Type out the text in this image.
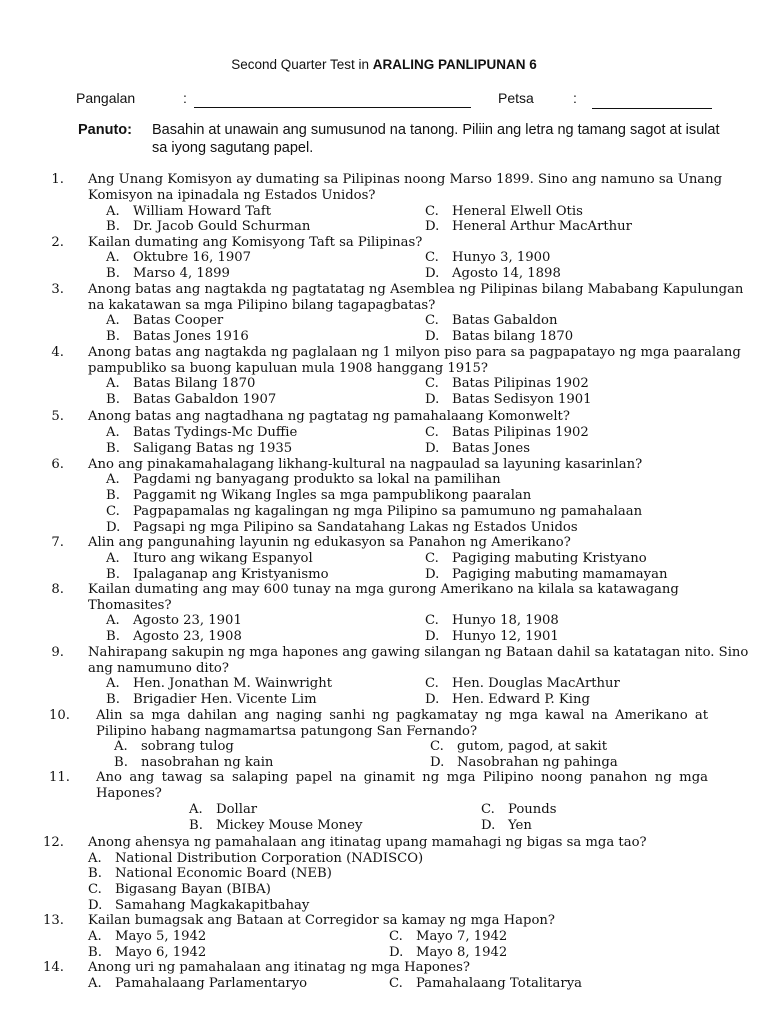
Second Quarter Test in ARALING PANLIPUNAN 6
Pangalan	:	Petsa	:
Panuto: Basahin at unawain ang sumusunod na tanong. Piliin ang letra ng tamang sagot at isulat sa iyong sagutang papel.
1. Ang Unang Komisyon ay dumating sa Pilipinas noong Marso 1899. Sino ang namuno sa Unang Komisyon na ipinadala ng Estados Unidos?
A. William Howard Taft
B. Dr. Jacob Gould Schurman
C. Heneral Elwell Otis
D. Heneral Arthur MacArthur
2. Kailan dumating ang Komisyong Taft sa Pilipinas?
A. Oktubre 16, 1907
B. Marso 4, 1899
C. Hunyo 3, 1900
D. Agosto 14, 1898
3. Anong batas ang nagtakda ng pagtatatag ng Asemblea ng Pilipinas bilang Mababang Kapulungan na kakatawan sa mga Pilipino bilang tagapagbatas?
A. Batas Cooper
B. Batas Jones 1916
C. Batas Gabaldon
D. Batas bilang 1870
4. Anong batas ang nagtakda ng paglalaan ng 1 milyon piso para sa pagpapatayo ng mga paaralang pampubliko sa buong kapuluan mula 1908 hanggang 1915?
A. Batas Bilang 1870
B. Batas Gabaldon 1907
C. Batas Pilipinas 1902
D. Batas Sedisyon 1901
5. Anong batas ang nagtadhana ng pagtatag ng pamahalaang Komonwelt?
A. Batas Tydings-Mc Duffie
B. Saligang Batas ng 1935
C. Batas Pilipinas 1902
D. Batas Jones
6. Ano ang pinakamahalagang likhang-kultural na nagpaulad sa layuning kasarinlan?
A. Pagdami ng banyagang produkto sa lokal na pamilihan
B. Paggamit ng Wikang Ingles sa mga pampublikong paaralan
C. Pagpapamalas ng kagalingan ng mga Pilipino sa pamumuno ng pamahalaan
D. Pagsapi ng mga Pilipino sa Sandatahang Lakas ng Estados Unidos
7. Alin ang pangunahing layunin ng edukasyon sa Panahon ng Amerikano?
A. Ituro ang wikang Espanyol
B. Ipalaganap ang Kristyanismo
C. Pagiging mabuting Kristyano
D. Pagiging mabuting mamamayan
8. Kailan dumating ang may 600 tunay na mga gurong Amerikano na kilala sa katawagang Thomasites?
A. Agosto 23, 1901
B. Agosto 23, 1908
C. Hunyo 18, 1908
D. Hunyo 12, 1901
9. Nahirapang sakupin ng mga hapones ang gawing silangan ng Bataan dahil sa katatagan nito. Sino ang namumuno dito?
A. Hen. Jonathan M. Wainwright
B. Brigadier Hen. Vicente Lim
C. Hen. Douglas MacArthur
D. Hen. Edward P. King
10. Alin sa mga dahilan ang naging sanhi ng pagkamatay ng mga kawal na Amerikano at Pilipino habang nagmamartsa patungong San Fernando?
A. sobrang tulog
B. nasobrahan ng kain
C. gutom, pagod, at sakit
D. Nasobrahan ng pahinga
11. Ano ang tawag sa salaping papel na ginamit ng mga Pilipino noong panahon ng mga Hapones?
A. Dollar
B. Mickey Mouse Money
C. Pounds
D. Yen
12. Anong ahensya ng pamahalaan ang itinatag upang mamahagi ng bigas sa mga tao?
A. National Distribution Corporation (NADISCO)
B. National Economic Board (NEB)
C. Bigasang Bayan (BIBA)
D. Samahang Magkakapitbahay
13. Kailan bumagsak ang Bataan at Corregidor sa kamay ng mga Hapon?
A. Mayo 5, 1942
B. Mayo 6, 1942
C. Mayo 7, 1942
D. Mayo 8, 1942
14. Anong uri ng pamahalaan ang itinatag ng mga Hapones?
A. Pamahalaang Parlamentaryo	C. Pamahalaang Totalitarya
